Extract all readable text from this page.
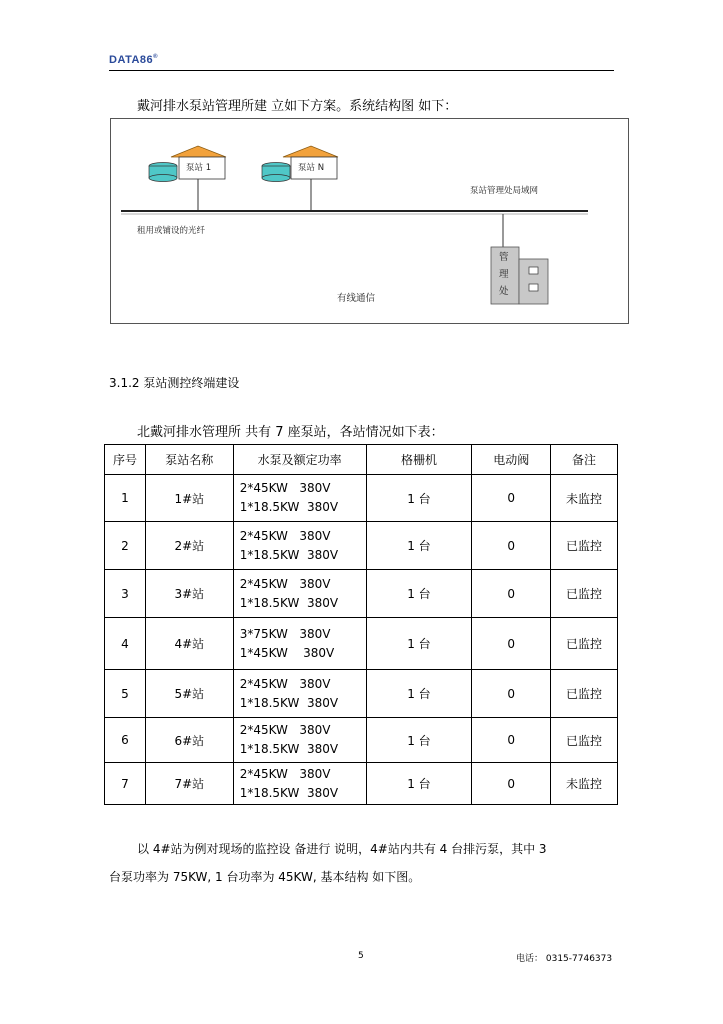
DATA86®
戴河排水泵站管理所建 立如下方案。系统结构图 如下：
泵站 1	泵站 N
泵站管理处局域网
租用或铺设的光纤
管
理
处
有线通信
3.1.2 泵站测控终端建设
北戴河排水管理所 共有 7 座泵站，各站情况如下表：
序号	泵站名称	水泵及额定功率	格栅机	电动阀	备注
1	1#站	2*45KW   380V
1*18.5KW  380V	1 台	0	未监控
2	2#站	2*45KW   380V
1*18.5KW  380V	1 台	0	已监控
3	3#站	2*45KW   380V
1*18.5KW  380V	1 台	0	已监控
4	4#站	3*75KW   380V
1*45KW    380V	1 台	0	已监控
5	5#站	2*45KW   380V
1*18.5KW  380V	1 台	0	已监控
6	6#站	2*45KW   380V
1*18.5KW  380V	1 台	0	已监控
7	7#站	2*45KW   380V
1*18.5KW  380V	1 台	0	未监控
以 4#站为例对现场的监控设 备进行 说明，4#站内共有 4 台排污泵，其中 3
台泵功率为 75KW, 1 台功率为 45KW, 基本结构 如下图。
5	电话： 0315-7746373
